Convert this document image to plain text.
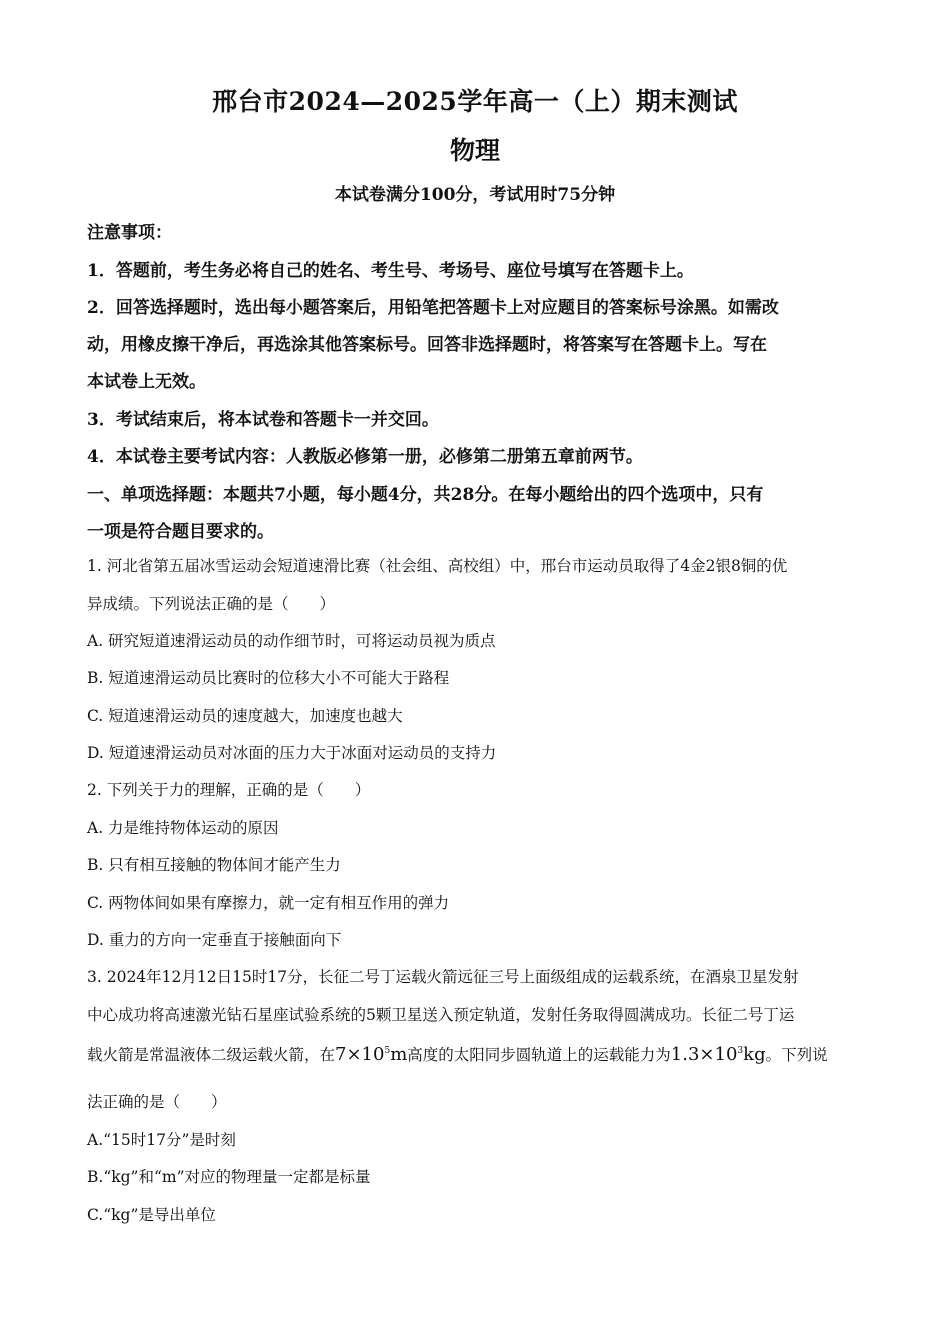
邢台市2024—2025学年高一（上）期末测试
物理
本试卷满分100分，考试用时75分钟
注意事项：
1．答题前，考生务必将自己的姓名、考生号、考场号、座位号填写在答题卡上。
2．回答选择题时，选出每小题答案后，用铅笔把答题卡上对应题目的答案标号涂黑。如需改
动，用橡皮擦干净后，再选涂其他答案标号。回答非选择题时，将答案写在答题卡上。写在
本试卷上无效。
3．考试结束后，将本试卷和答题卡一并交回。
4．本试卷主要考试内容：人教版必修第一册，必修第二册第五章前两节。
一、单项选择题：本题共7小题，每小题4分，共28分。在每小题给出的四个选项中，只有
一项是符合题目要求的。
1. 河北省第五届冰雪运动会短道速滑比赛（社会组、高校组）中，邢台市运动员取得了4金2银8铜的优
异成绩。下列说法正确的是（　　）
A. 研究短道速滑运动员的动作细节时，可将运动员视为质点
B. 短道速滑运动员比赛时的位移大小不可能大于路程
C. 短道速滑运动员的速度越大，加速度也越大
D. 短道速滑运动员对冰面的压力大于冰面对运动员的支持力
2. 下列关于力的理解，正确的是（　　）
A. 力是维持物体运动的原因
B. 只有相互接触的物体间才能产生力
C. 两物体间如果有摩擦力，就一定有相互作用的弹力
D. 重力的方向一定垂直于接触面向下
3. 2024年12月12日15时17分，长征二号丁运载火箭远征三号上面级组成的运载系统，在酒泉卫星发射
中心成功将高速激光钻石星座试验系统的5颗卫星送入预定轨道，发射任务取得圆满成功。长征二号丁运
载火箭是常温液体二级运载火箭，在$7\times 10^5m$高度的太阳同步圆轨道上的运载能力为$1.3\times 10^3kg$。下列说
法正确的是（　　）
A.“15时17分”是时刻
B.“kg”和“m”对应的物理量一定都是标量
C.“kg”是导出单位
